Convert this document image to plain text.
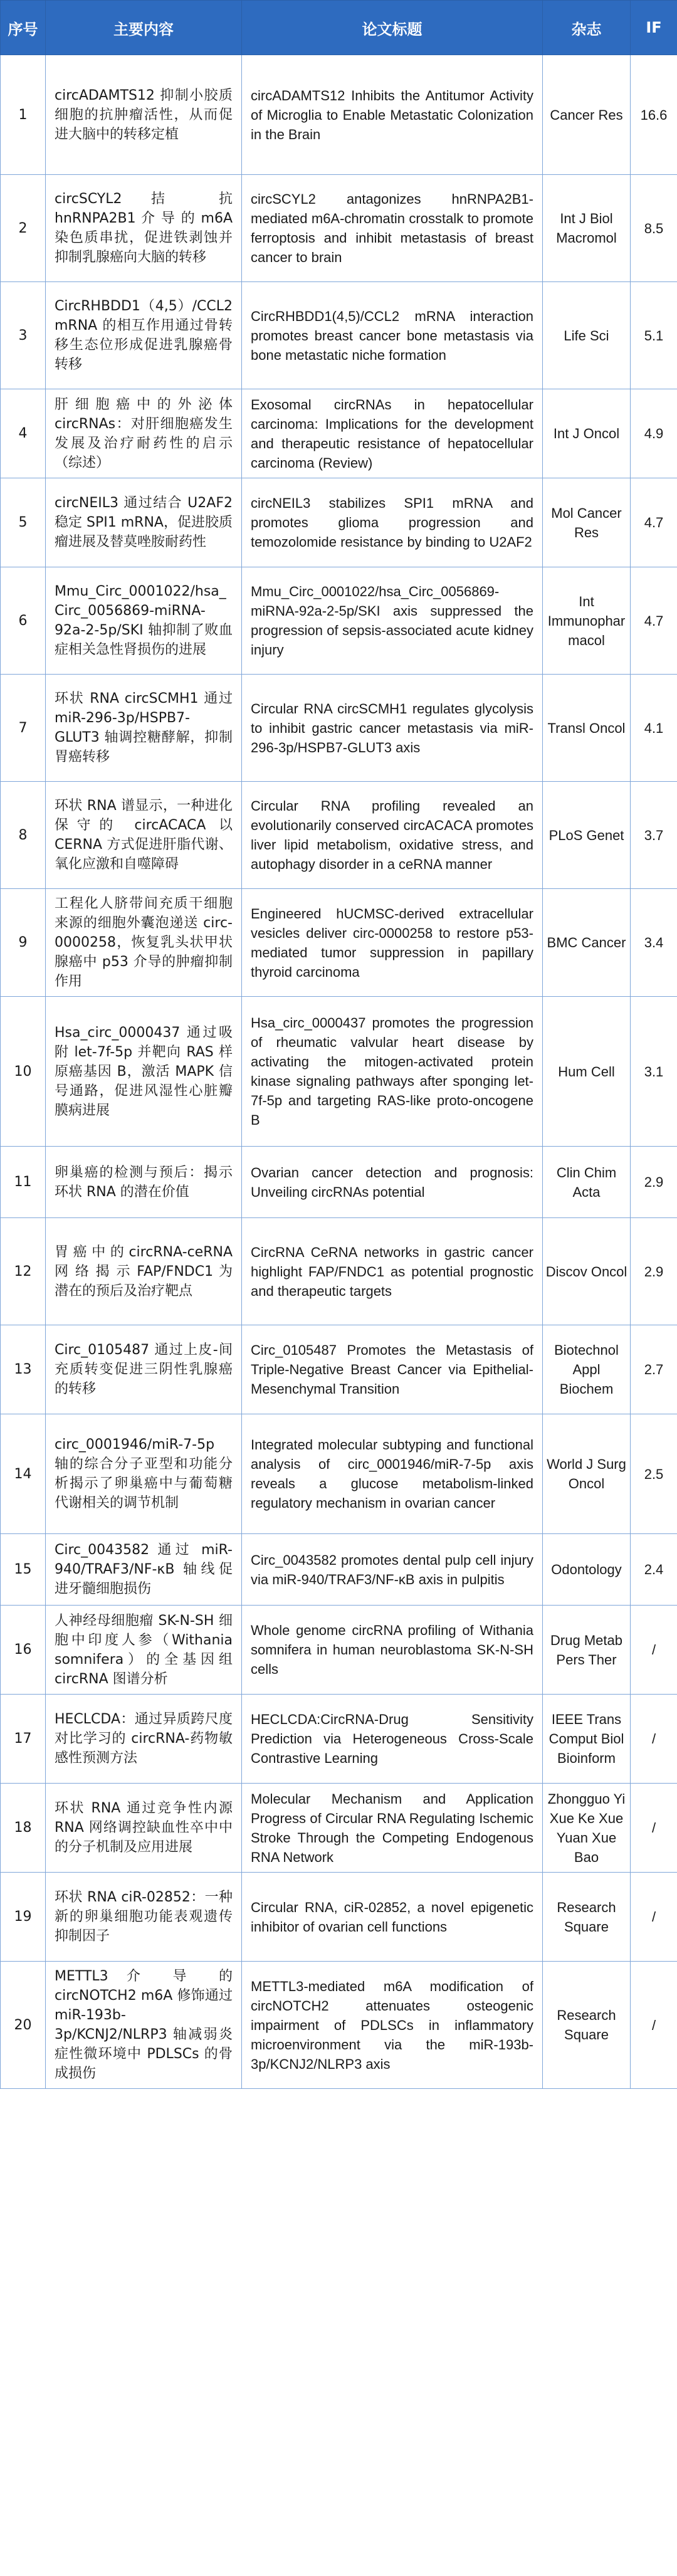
序号	主要内容	论文标题	杂志	IF
1	circADAMTS12 抑制小胶质细胞的抗肿瘤活性，从而促进大脑中的转移定植	circADAMTS12 Inhibits the Antitumor Activity of Microglia to Enable Metastatic Colonization in the Brain	Cancer Res	16.6
2	circSCYL2 拮 抗 hnRNPA2B1 介 导 的 m6A 染色质串扰，促进铁剥蚀并抑制乳腺癌向大脑的转移	circSCYL2 antagonizes hnRNPA2B1-mediated m6A-chromatin crosstalk to promote ferroptosis and inhibit metastasis of breast cancer to brain	Int J Biol Macromol	8.5
3	CircRHBDD1（4,5）/CCL2 mRNA 的相互作用通过骨转移生态位形成促进乳腺癌骨转移	CircRHBDD1(4,5)/CCL2 mRNA interaction promotes breast cancer bone metastasis via bone metastatic niche formation	Life Sci	5.1
4	肝细胞癌中的外泌体 circRNAs：对肝细胞癌发生发展及治疗耐药性的启示（综述）	Exosomal circRNAs in hepatocellular carcinoma: Implications for the development and therapeutic resistance of hepatocellular carcinoma (Review)	Int J Oncol	4.9
5	circNEIL3 通过结合 U2AF2 稳定 SPI1 mRNA，促进胶质瘤进展及替莫唑胺耐药性	circNEIL3 stabilizes SPI1 mRNA and promotes glioma progression and temozolomide resistance by binding to U2AF2	Mol Cancer Res	4.7
6	Mmu_Circ_0001022/hsa_Circ_0056869-miRNA-92a-2-5p/SKI 轴抑制了败血症相关急性肾损伤的进展	Mmu_Circ_0001022/hsa_Circ_0056869-miRNA-92a-2-5p/SKI axis suppressed the progression of sepsis-associated acute kidney injury	Int Immunopharmacol	4.7
7	环状 RNA circSCMH1 通过 miR-296-3p/HSPB7-GLUT3 轴调控糖酵解，抑制胃癌转移	Circular RNA circSCMH1 regulates glycolysis to inhibit gastric cancer metastasis via miR-296-3p/HSPB7-GLUT3 axis	Transl Oncol	4.1
8	环状 RNA 谱显示，一种进化保守的 circACACA 以 CERNA 方式促进肝脂代谢、氧化应激和自噬障碍	Circular RNA profiling revealed an evolutionarily conserved circACACA promotes liver lipid metabolism, oxidative stress, and autophagy disorder in a ceRNA manner	PLoS Genet	3.7
9	工程化人脐带间充质干细胞来源的细胞外囊泡递送 circ-0000258，恢复乳头状甲状腺癌中 p53 介导的肿瘤抑制作用	Engineered hUCMSC-derived extracellular vesicles deliver circ-0000258 to restore p53-mediated tumor suppression in papillary thyroid carcinoma	BMC Cancer	3.4
10	Hsa_circ_0000437 通过吸附 let-7f-5p 并靶向 RAS 样原癌基因 B，激活 MAPK 信号通路，促进风湿性心脏瓣膜病进展	Hsa_circ_0000437 promotes the progression of rheumatic valvular heart disease by activating the mitogen-activated protein kinase signaling pathways after sponging let-7f-5p and targeting RAS-like proto-oncogene B	Hum Cell	3.1
11	卵巢癌的检测与预后：揭示环状 RNA 的潜在价值	Ovarian cancer detection and prognosis: Unveiling circRNAs potential	Clin Chim Acta	2.9
12	胃 癌 中 的 circRNA-ceRNA 网 络 揭 示 FAP/FNDC1 为潜在的预后及治疗靶点	CircRNA CeRNA networks in gastric cancer highlight FAP/FNDC1 as potential prognostic and therapeutic targets	Discov Oncol	2.9
13	Circ_0105487 通过上皮-间充质转变促进三阴性乳腺癌的转移	Circ_0105487 Promotes the Metastasis of Triple-Negative Breast Cancer via Epithelial-Mesenchymal Transition	Biotechnol Appl Biochem	2.7
14	circ_0001946/miR-7-5p 轴的综合分子亚型和功能分析揭示了卵巢癌中与葡萄糖代谢相关的调节机制	Integrated molecular subtyping and functional analysis of circ_0001946/miR-7-5p axis reveals a glucose metabolism-linked regulatory mechanism in ovarian cancer	World J Surg Oncol	2.5
15	Circ_0043582 通过 miR-940/TRAF3/NF-κB 轴线促进牙髓细胞损伤	Circ_0043582 promotes dental pulp cell injury via miR-940/TRAF3/NF-κB axis in pulpitis	Odontology	2.4
16	人神经母细胞瘤 SK-N-SH 细胞中印度人参（Withania somnifera）的全基因组 circRNA 图谱分析	Whole genome circRNA profiling of Withania somnifera in human neuroblastoma SK-N-SH cells	Drug Metab Pers Ther	/
17	HECLCDA：通过异质跨尺度对比学习的 circRNA-药物敏感性预测方法	HECLCDA:CircRNA-Drug Sensitivity Prediction via Heterogeneous Cross-Scale Contrastive Learning	IEEE Trans Comput Biol Bioinform	/
18	环状 RNA 通过竞争性内源 RNA 网络调控缺血性卒中中的分子机制及应用进展	Molecular Mechanism and Application Progress of Circular RNA Regulating Ischemic Stroke Through the Competing Endogenous RNA Network	Zhongguo Yi Xue Ke Xue Yuan Xue Bao	/
19	环状 RNA ciR-02852：一种新的卵巢细胞功能表观遗传抑制因子	Circular RNA, ciR-02852, a novel epigenetic inhibitor of ovarian cell functions	Research Square	/
20	METTL3 介 导 的 circNOTCH2 m6A 修饰通过 miR-193b-3p/KCNJ2/NLRP3 轴减弱炎症性微环境中 PDLSCs 的骨成损伤	METTL3-mediated m6A modification of circNOTCH2 attenuates osteogenic impairment of PDLSCs in inflammatory microenvironment via the miR-193b-3p/KCNJ2/NLRP3 axis	Research Square	/
